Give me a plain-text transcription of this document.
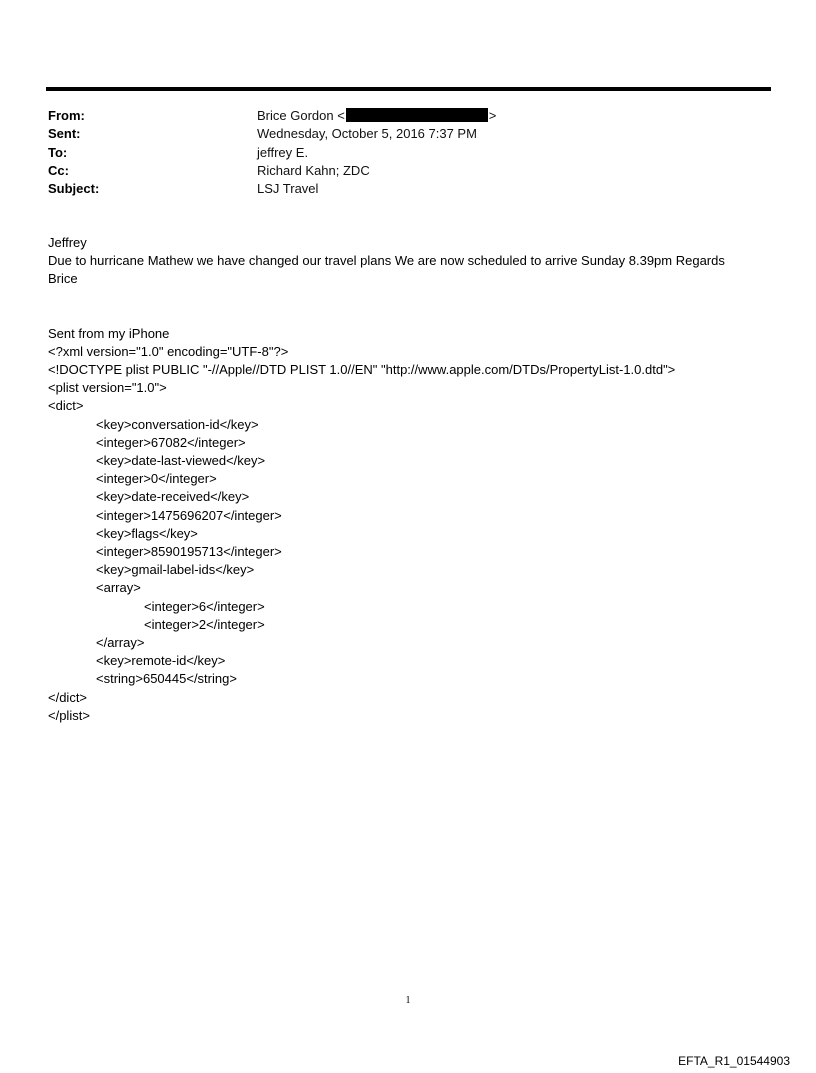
From:	Brice Gordon <	>
Sent:	Wednesday, October 5, 2016 7:37 PM
To:	jeffrey E.
Cc:	Richard Kahn; ZDC
Subject:	LSJ Travel
Jeffrey
Due to hurricane Mathew we have changed our travel plans We are now scheduled to arrive Sunday 8.39pm Regards
Brice
Sent from my iPhone
<?xml version="1.0" encoding="UTF-8"?>
<!DOCTYPE plist PUBLIC "-//Apple//DTD PLIST 1.0//EN" "http://www.apple.com/DTDs/PropertyList-1.0.dtd">
<plist version="1.0">
<dict>
<key>conversation-id</key>
<integer>67082</integer>
<key>date-last-viewed</key>
<integer>0</integer>
<key>date-received</key>
<integer>1475696207</integer>
<key>flags</key>
<integer>8590195713</integer>
<key>gmail-label-ids</key>
<array>
<integer>6</integer>
<integer>2</integer>
</array>
<key>remote-id</key>
<string>650445</string>
</dict>
</plist>
1
EFTA_R1_01544903
